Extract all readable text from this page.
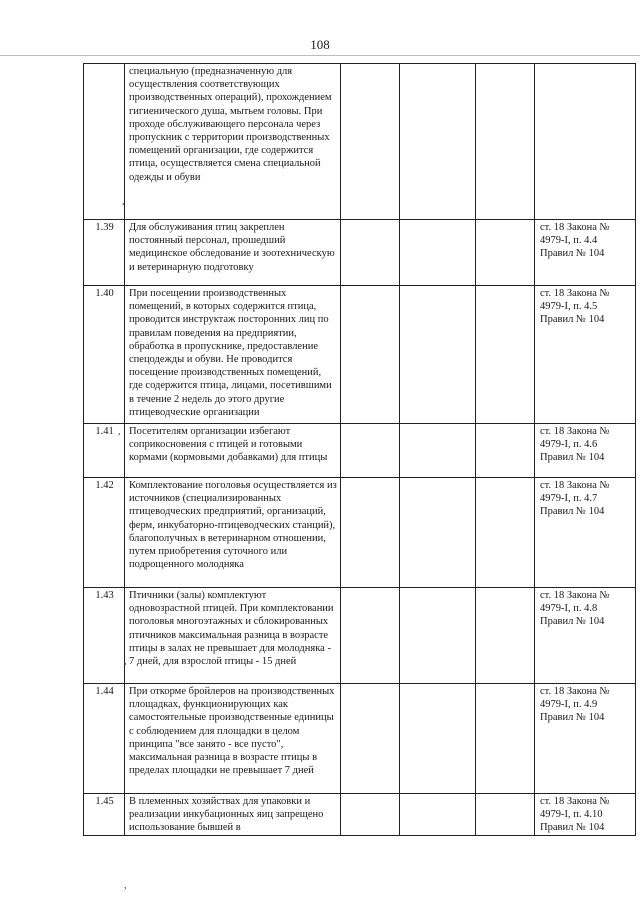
108
	специальную (предназначенную для осуществления соответствующих производственных операций), прохождением гигиенического душа, мытьем головы. При проходе обслуживающего персонала через пропускник с территории производственных помещений организации, где содержится птица, осуществляется смена специальной одежды и обуви				
1.39	Для обслуживания птиц закреплен постоянный персонал, прошедший медицинское обследование и зоотехническую и ветеринарную подготовку				ст. 18 Закона № 4979-I, п. 4.4 Правил № 104
1.40	При посещении производственных помещений, в которых содержится птица, проводится инструктаж посторонних лиц по правилам поведения на предприятии, обработка в пропускнике, предоставление спецодежды и обуви. Не проводится посещение производственных помещений, где содержится птица, лицами, посетившими в течение 2 недель до этого другие птицеводческие организации				ст. 18 Закона № 4979-I, п. 4.5 Правил № 104
1.41	Посетителям организации избегают соприкосновения с птицей и готовыми кормами (кормовыми добавками) для птицы				ст. 18 Закона № 4979-I, п. 4.6 Правил № 104
1.42	Комплектование поголовья осуществляется из источников (специализированных птицеводческих предприятий, организаций, ферм, инкубаторно-птицеводческих станций), благополучных в ветеринарном отношении, путем приобретения суточного или подрощенного молодняка				ст. 18 Закона № 4979-I, п. 4.7 Правил № 104
1.43	Птичники (залы) комплектуют одновозрастной птицей. При комплектовании поголовья многоэтажных и сблокированных птичников максимальная разница в возрасте птицы в залах не превышает для молодняка - 7 дней, для взрослой птицы - 15 дней				ст. 18 Закона № 4979-I, п. 4.8 Правил № 104
1.44	При откорме бройлеров на производственных площадках, функционирующих как самостоятельные производственные единицы с соблюдением для площадки в целом принципа "все занято - все пусто", максимальная разница в возрасте птицы в пределах площадки не превышает 7 дней				ст. 18 Закона № 4979-I, п. 4.9 Правил № 104
1.45	В племенных хозяйствах для упаковки и реализации инкубационных яиц запрещено использование бывшей в				ст. 18 Закона № 4979-I, п. 4.10 Правил № 104
,
,
,
,
